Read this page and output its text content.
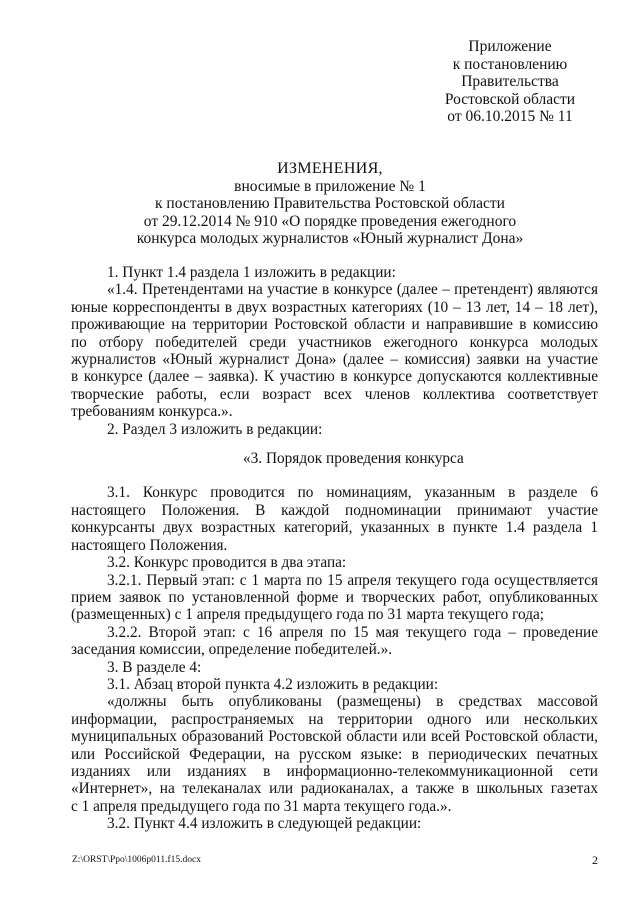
Приложение
к постановлению
Правительства
Ростовской области
от 06.10.2015 № 11
ИЗМЕНЕНИЯ,
вносимые в приложение № 1
к постановлению Правительства Ростовской области
от 29.12.2014 № 910 «О порядке проведения ежегодного
конкурса молодых журналистов «Юный журналист Дона»
1. Пункт 1.4 раздела 1 изложить в редакции:
«1.4. Претендентами на участие в конкурсе (далее – претендент) являются
юные корреспонденты в двух возрастных категориях (10 – 13 лет, 14 – 18 лет),
проживающие на территории Ростовской области и направившие в комиссию
по отбору победителей среди участников ежегодного конкурса молодых
журналистов «Юный журналист Дона» (далее – комиссия) заявки на участие
в конкурсе (далее – заявка). К участию в конкурсе допускаются коллективные
творческие работы, если возраст всех членов коллектива соответствует
требованиям конкурса.».
2. Раздел 3 изложить в редакции:
«3. Порядок проведения конкурса
3.1. Конкурс проводится по номинациям, указанным в разделе 6
настоящего Положения. В каждой подноминации принимают участие
конкурсанты двух возрастных категорий, указанных в пункте 1.4 раздела 1
настоящего Положения.
3.2. Конкурс проводится в два этапа:
3.2.1. Первый этап: с 1 марта по 15 апреля текущего года осуществляется
прием заявок по установленной форме и творческих работ, опубликованных
(размещенных) с 1 апреля предыдущего года по 31 марта текущего года;
3.2.2. Второй этап: с 16 апреля по 15 мая текущего года – проведение
заседания комиссии, определение победителей.».
3. В разделе 4:
3.1. Абзац второй пункта 4.2 изложить в редакции:
«должны быть опубликованы (размещены) в средствах массовой
информации, распространяемых на территории одного или нескольких
муниципальных образований Ростовской области или всей Ростовской области,
или Российской Федерации, на русском языке: в периодических печатных
изданиях или изданиях в информационно-телекоммуникационной сети
«Интернет», на телеканалах или радиоканалах, а также в школьных газетах
с 1 апреля предыдущего года по 31 марта текущего года.».
3.2. Пункт 4.4 изложить в следующей редакции:
Z:\ORST\Ppo\1006p011.f15.docx	2
